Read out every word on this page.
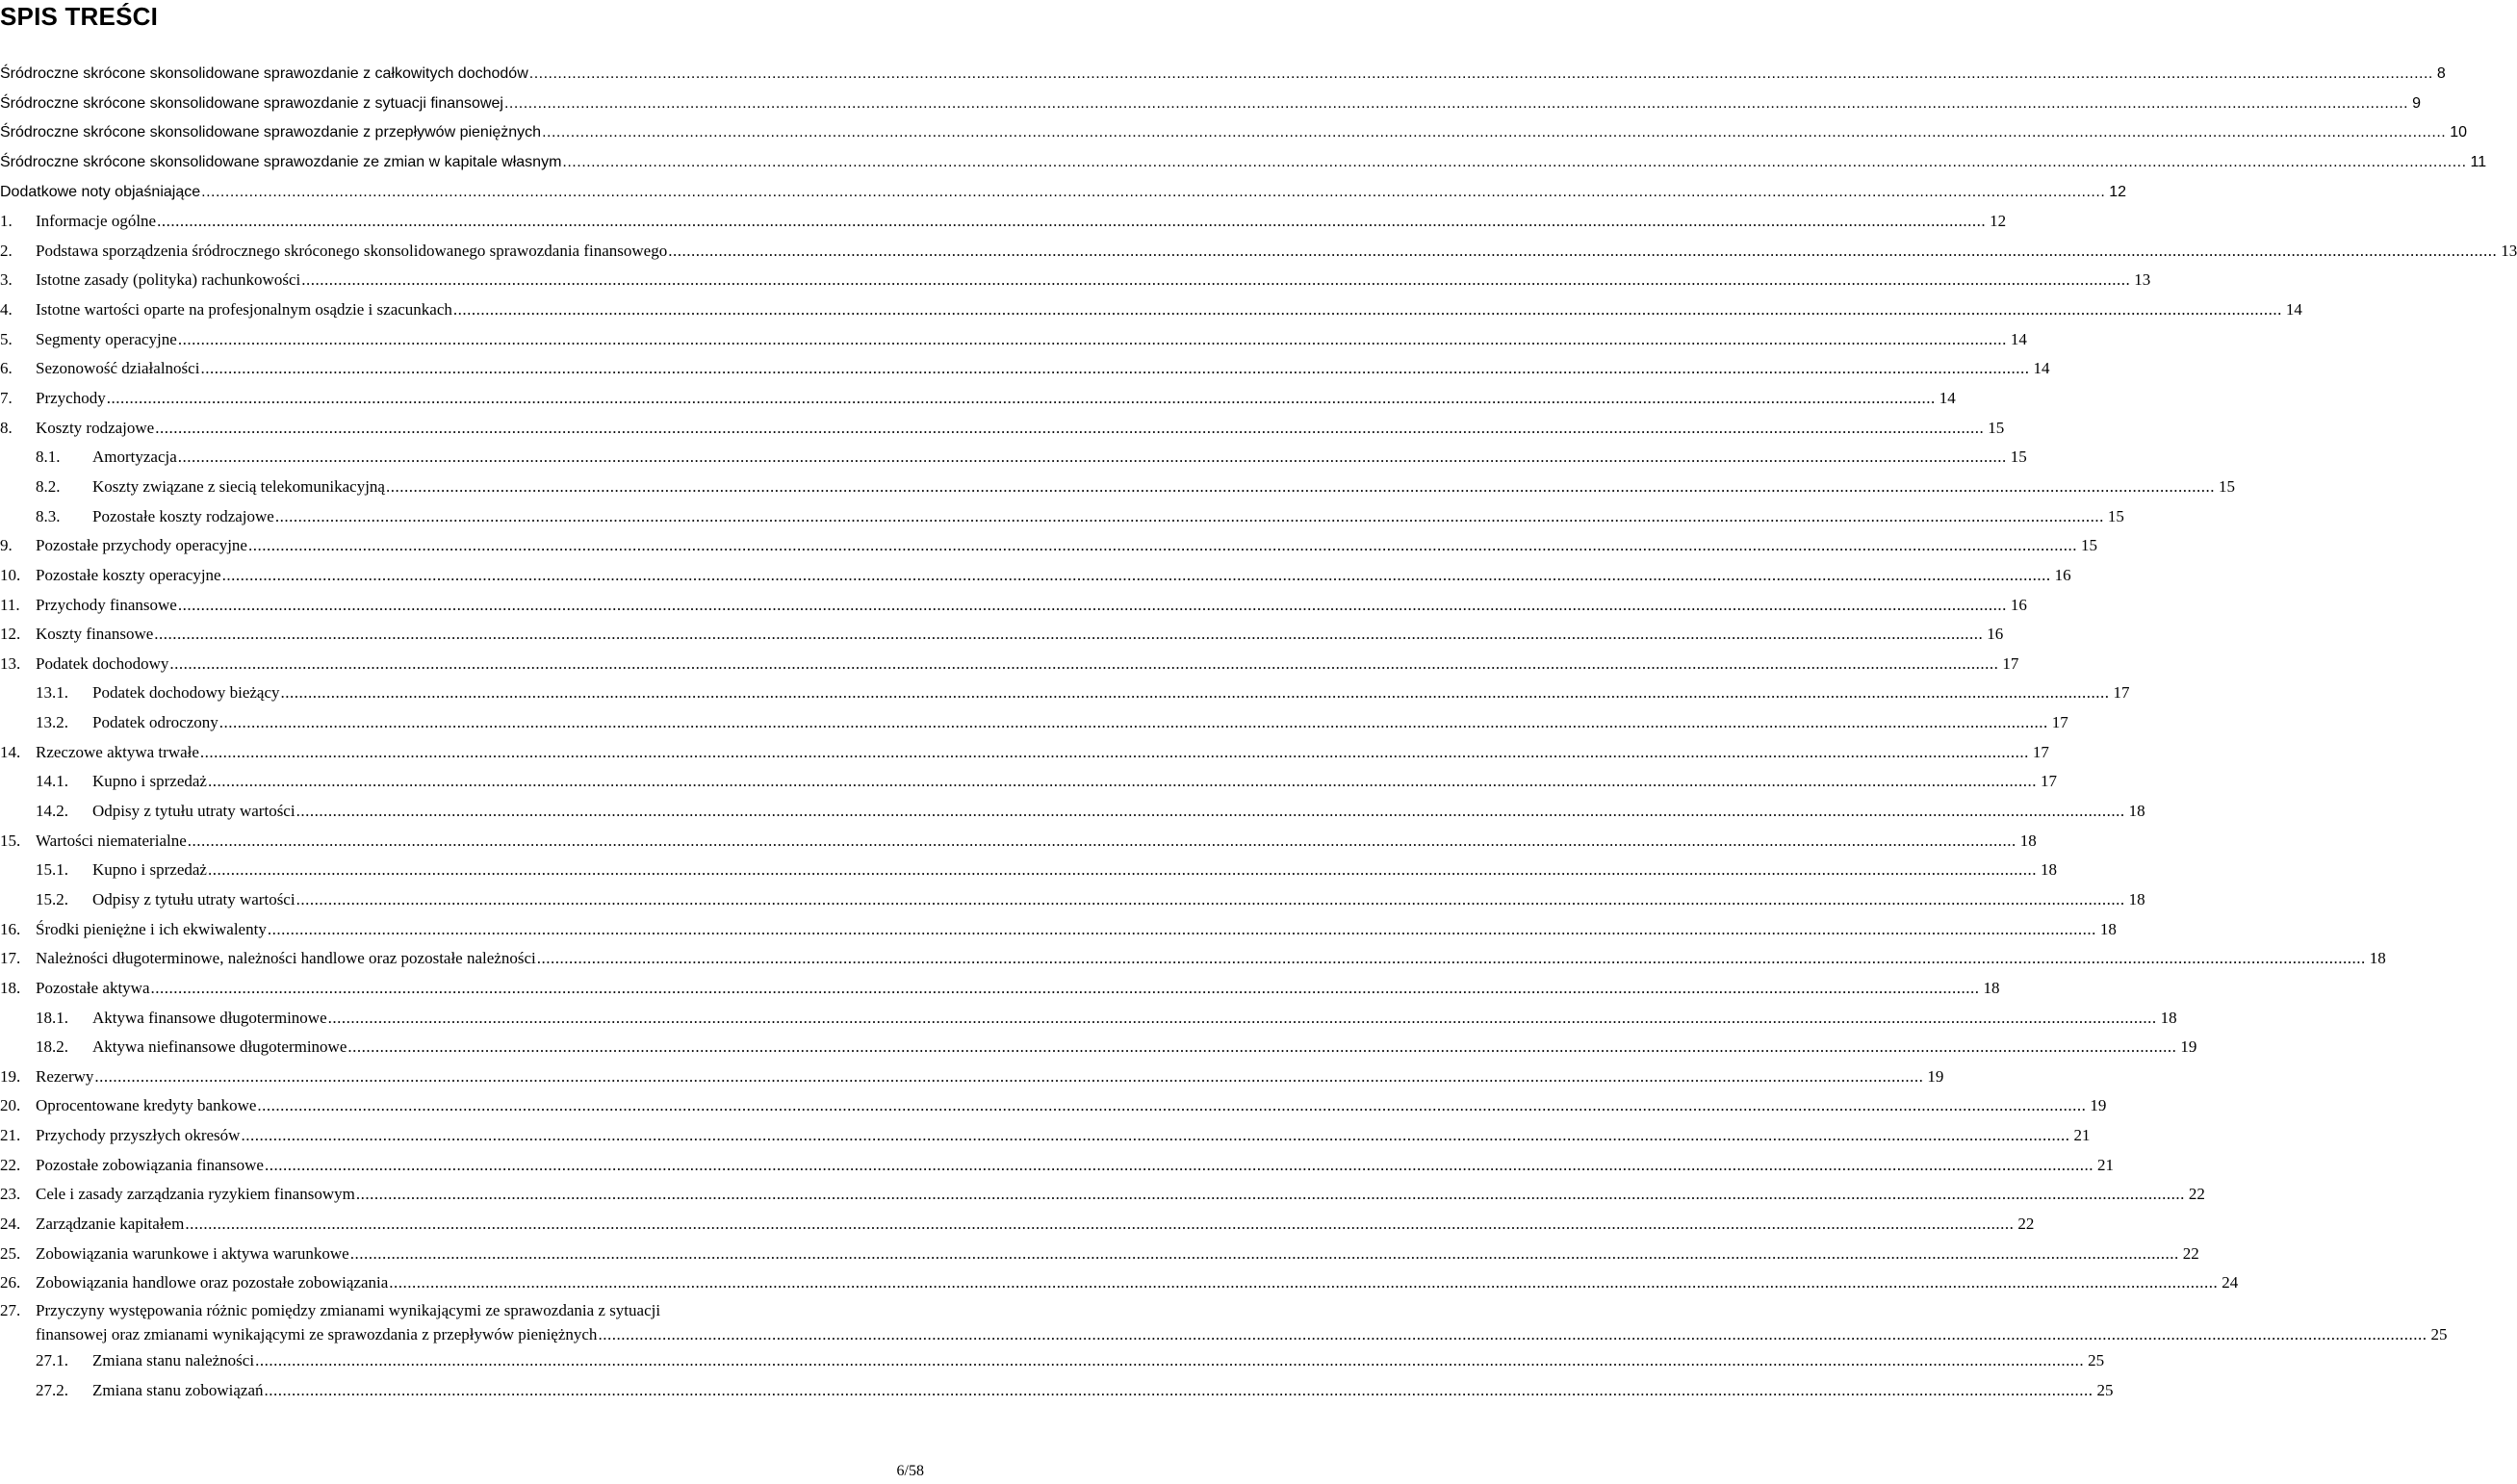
SPIS TREŚCI
Śródroczne skrócone skonsolidowane sprawozdanie z całkowitych dochodów ................................................................................................................................................................................................................................................................................................................................................................................................................ 8
Śródroczne skrócone skonsolidowane sprawozdanie z sytuacji finansowej ................................................................................................................................................................................................................................................................................................................................................................................................................ 9
Śródroczne skrócone skonsolidowane sprawozdanie z przepływów pieniężnych ................................................................................................................................................................................................................................................................................................................................................................................................................ 10
Śródroczne skrócone skonsolidowane sprawozdanie ze zmian w kapitale własnym ................................................................................................................................................................................................................................................................................................................................................................................................................ 11
Dodatkowe noty objaśniające ................................................................................................................................................................................................................................................................................................................................................................................................................ 12
1. Informacje ogólne ................................................................................................................................................................................................................................................................................................................................................................................................................ 12
2. Podstawa sporządzenia śródrocznego skróconego skonsolidowanego sprawozdania finansowego ................................................................................................................................................................................................................................................................................................................................................................................................................ 13
3. Istotne zasady (polityka) rachunkowości ................................................................................................................................................................................................................................................................................................................................................................................................................ 13
4. Istotne wartości oparte na profesjonalnym osądzie i szacunkach ................................................................................................................................................................................................................................................................................................................................................................................................................ 14
5. Segmenty operacyjne ................................................................................................................................................................................................................................................................................................................................................................................................................ 14
6. Sezonowość działalności ................................................................................................................................................................................................................................................................................................................................................................................................................ 14
7. Przychody ................................................................................................................................................................................................................................................................................................................................................................................................................ 14
8. Koszty rodzajowe ................................................................................................................................................................................................................................................................................................................................................................................................................ 15
8.1. Amortyzacja ................................................................................................................................................................................................................................................................................................................................................................................................................ 15
8.2. Koszty związane z siecią telekomunikacyjną ................................................................................................................................................................................................................................................................................................................................................................................................................ 15
8.3. Pozostałe koszty rodzajowe ................................................................................................................................................................................................................................................................................................................................................................................................................ 15
9. Pozostałe przychody operacyjne ................................................................................................................................................................................................................................................................................................................................................................................................................ 15
10. Pozostałe koszty operacyjne ................................................................................................................................................................................................................................................................................................................................................................................................................ 16
11. Przychody finansowe ................................................................................................................................................................................................................................................................................................................................................................................................................ 16
12. Koszty finansowe ................................................................................................................................................................................................................................................................................................................................................................................................................ 16
13. Podatek dochodowy ................................................................................................................................................................................................................................................................................................................................................................................................................ 17
13.1. Podatek dochodowy bieżący ................................................................................................................................................................................................................................................................................................................................................................................................................ 17
13.2. Podatek odroczony ................................................................................................................................................................................................................................................................................................................................................................................................................ 17
14. Rzeczowe aktywa trwałe ................................................................................................................................................................................................................................................................................................................................................................................................................ 17
14.1. Kupno i sprzedaż ................................................................................................................................................................................................................................................................................................................................................................................................................ 17
14.2. Odpisy z tytułu utraty wartości ................................................................................................................................................................................................................................................................................................................................................................................................................ 18
15. Wartości niematerialne ................................................................................................................................................................................................................................................................................................................................................................................................................ 18
15.1. Kupno i sprzedaż ................................................................................................................................................................................................................................................................................................................................................................................................................ 18
15.2. Odpisy z tytułu utraty wartości ................................................................................................................................................................................................................................................................................................................................................................................................................ 18
16. Środki pieniężne i ich ekwiwalenty ................................................................................................................................................................................................................................................................................................................................................................................................................ 18
17. Należności długoterminowe, należności handlowe oraz pozostałe należności ................................................................................................................................................................................................................................................................................................................................................................................................................ 18
18. Pozostałe aktywa ................................................................................................................................................................................................................................................................................................................................................................................................................ 18
18.1. Aktywa finansowe długoterminowe ................................................................................................................................................................................................................................................................................................................................................................................................................ 18
18.2. Aktywa niefinansowe długoterminowe ................................................................................................................................................................................................................................................................................................................................................................................................................ 19
19. Rezerwy ................................................................................................................................................................................................................................................................................................................................................................................................................ 19
20. Oprocentowane kredyty bankowe ................................................................................................................................................................................................................................................................................................................................................................................................................ 19
21. Przychody przyszłych okresów ................................................................................................................................................................................................................................................................................................................................................................................................................ 21
22. Pozostałe zobowiązania finansowe ................................................................................................................................................................................................................................................................................................................................................................................................................ 21
23. Cele i zasady zarządzania ryzykiem finansowym ................................................................................................................................................................................................................................................................................................................................................................................................................ 22
24. Zarządzanie kapitałem ................................................................................................................................................................................................................................................................................................................................................................................................................ 22
25. Zobowiązania warunkowe i aktywa warunkowe ................................................................................................................................................................................................................................................................................................................................................................................................................ 22
26. Zobowiązania handlowe oraz pozostałe zobowiązania ................................................................................................................................................................................................................................................................................................................................................................................................................ 24
27. Przyczyny występowania różnic pomiędzy zmianami wynikającymi ze sprawozdania z sytuacji
finansowej oraz zmianami wynikającymi ze sprawozdania z przepływów pieniężnych ................................................................................................................................................................................................................................................................................................................................................................................................................ 25
27.1. Zmiana stanu należności ................................................................................................................................................................................................................................................................................................................................................................................................................ 25
27.2. Zmiana stanu zobowiązań ................................................................................................................................................................................................................................................................................................................................................................................................................ 25
6/58
